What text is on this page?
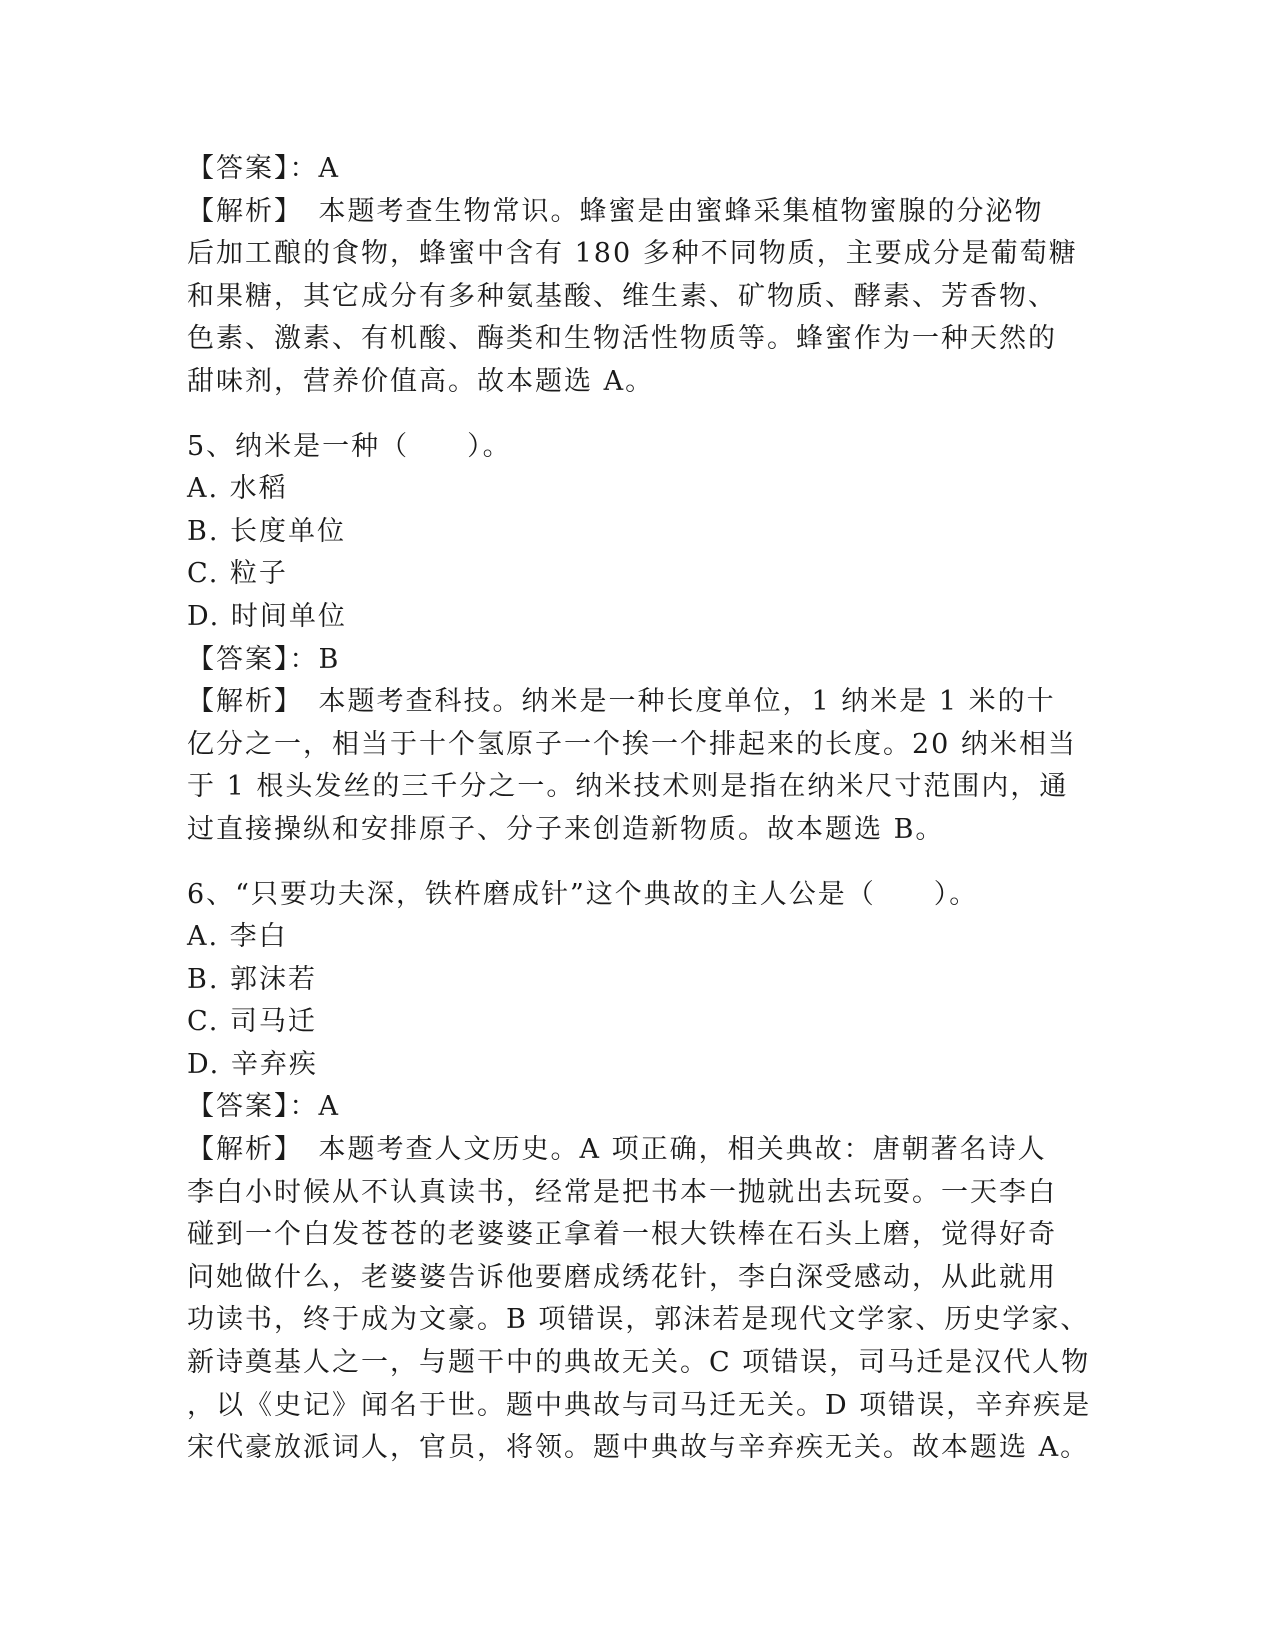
【答案】：A
【解析】　本题考查生物常识。蜂蜜是由蜜蜂采集植物蜜腺的分泌物
后加工酿的食物，蜂蜜中含有 180 多种不同物质，主要成分是葡萄糖
和果糖，其它成分有多种氨基酸、维生素、矿物质、酵素、芳香物、
色素、激素、有机酸、酶类和生物活性物质等。蜂蜜作为一种天然的
甜味剂，营养价值高。故本题选 A。
5、纳米是一种（　　）。
A. 水稻
B. 长度单位
C. 粒子
D. 时间单位
【答案】：B
【解析】　本题考查科技。纳米是一种长度单位，1 纳米是 1 米的十
亿分之一，相当于十个氢原子一个挨一个排起来的长度。20 纳米相当
于 1 根头发丝的三千分之一。纳米技术则是指在纳米尺寸范围内，通
过直接操纵和安排原子、分子来创造新物质。故本题选 B。
6、“只要功夫深，铁杵磨成针”这个典故的主人公是（　　）。
A. 李白
B. 郭沫若
C. 司马迁
D. 辛弃疾
【答案】：A
【解析】　本题考查人文历史。A 项正确，相关典故：唐朝著名诗人
李白小时候从不认真读书，经常是把书本一抛就出去玩耍。一天李白
碰到一个白发苍苍的老婆婆正拿着一根大铁棒在石头上磨，觉得好奇
问她做什么，老婆婆告诉他要磨成绣花针，李白深受感动，从此就用
功读书，终于成为文豪。B 项错误，郭沫若是现代文学家、历史学家、
新诗奠基人之一，与题干中的典故无关。C 项错误，司马迁是汉代人物
，以《史记》闻名于世。题中典故与司马迁无关。D 项错误，辛弃疾是
宋代豪放派词人，官员，将领。题中典故与辛弃疾无关。故本题选 A。
